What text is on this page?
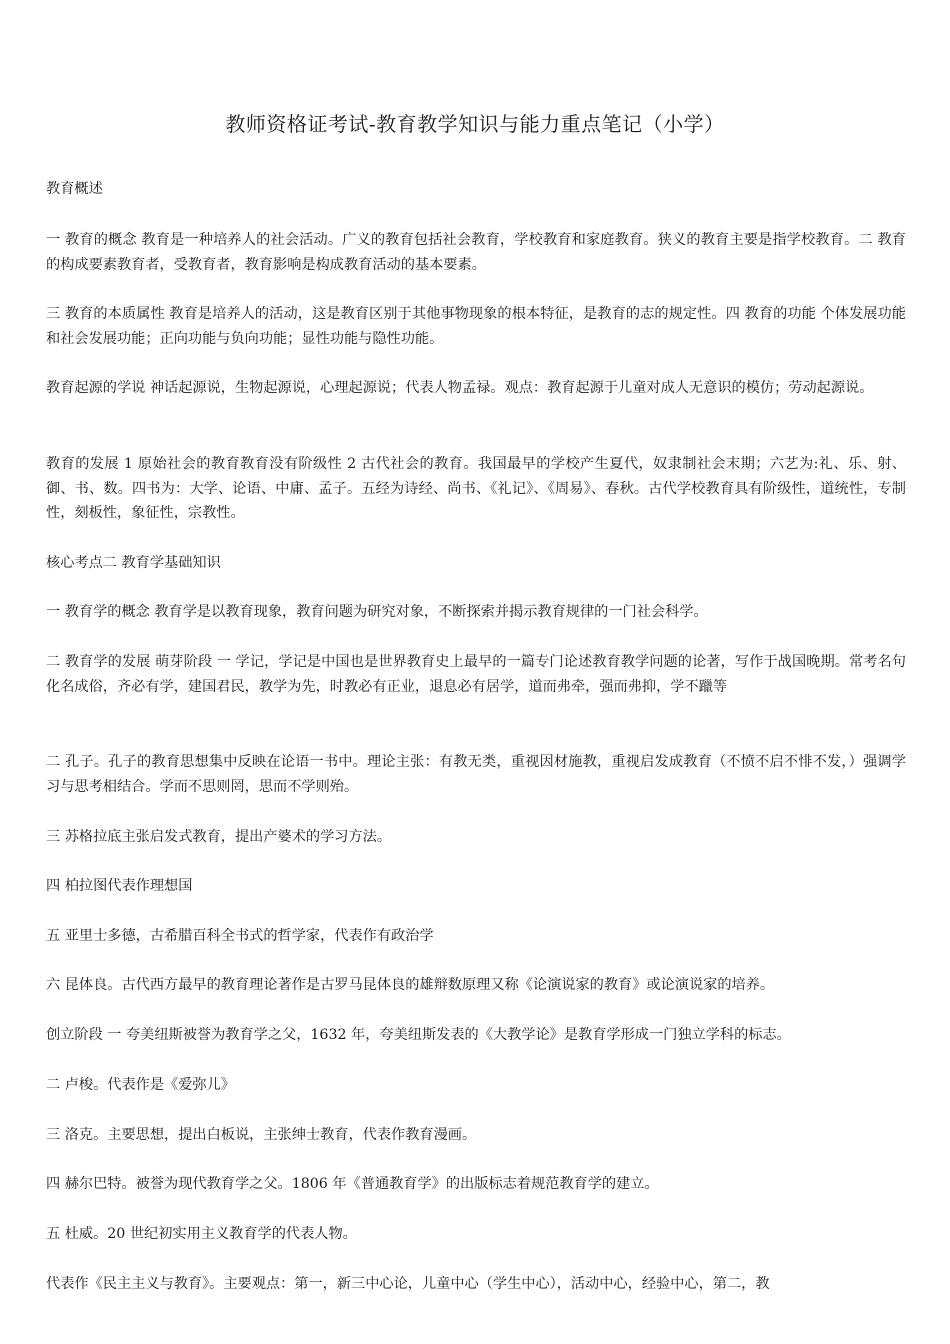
教师资格证考试-教育教学知识与能力重点笔记（小学）

教育概述

一 教育的概念 教育是一种培养人的社会活动。广义的教育包括社会教育，学校教育和家庭教育。狭义的教育主要是指学校教育。二 教育的构成要素教育者，受教育者，教育影响是构成教育活动的基本要素。

三 教育的本质属性 教育是培养人的活动，这是教育区别于其他事物现象的根本特征，是教育的志的规定性。四 教育的功能 个体发展功能和社会发展功能；正向功能与负向功能；显性功能与隐性功能。

教育起源的学说 神话起源说，生物起源说，心理起源说；代表人物孟禄。观点：教育起源于儿童对成人无意识的模仿；劳动起源说。

教育的发展 1 原始社会的教育教育没有阶级性 2 古代社会的教育。我国最早的学校产生夏代，奴隶制社会末期；六艺为:礼、乐、射、御、书、数。四书为：大学、论语、中庸、孟子。五经为诗经、尚书、《礼记》、《周易》、春秋。古代学校教育具有阶级性，道统性，专制性，刻板性，象征性，宗教性。

核心考点二 教育学基础知识

一 教育学的概念 教育学是以教育现象，教育问题为研究对象，不断探索并揭示教育规律的一门社会科学。

二 教育学的发展 萌芽阶段 一 学记，学记是中国也是世界教育史上最早的一篇专门论述教育教学问题的论著，写作于战国晚期。常考名句化名成俗，齐必有学，建国君民，教学为先，时教必有正业，退息必有居学，道而弗牵，强而弗抑，学不躐等

二 孔子。孔子的教育思想集中反映在论语一书中。理论主张：有教无类，重视因材施教，重视启发成教育（不愤不启不悱不发，）强调学习与思考相结合。学而不思则罔，思而不学则殆。

三 苏格拉底主张启发式教育，提出产婆术的学习方法。

四 柏拉图代表作理想国

五 亚里士多德，古希腊百科全书式的哲学家，代表作有政治学

六 昆体良。古代西方最早的教育理论著作是古罗马昆体良的雄辩数原理又称《论演说家的教育》或论演说家的培养。

创立阶段 一 夸美纽斯被誉为教育学之父，1632 年，夸美纽斯发表的《大教学论》是教育学形成一门独立学科的标志。

二 卢梭。代表作是《爱弥儿》

三 洛克。主要思想，提出白板说，主张绅士教育，代表作教育漫画。

四 赫尔巴特。被誉为现代教育学之父。1806 年《普通教育学》的出版标志着规范教育学的建立。

五 杜威。20 世纪初实用主义教育学的代表人物。

代表作《民主主义与教育》。主要观点：第一，新三中心论，儿童中心（学生中心），活动中心，经验中心，第二，教
